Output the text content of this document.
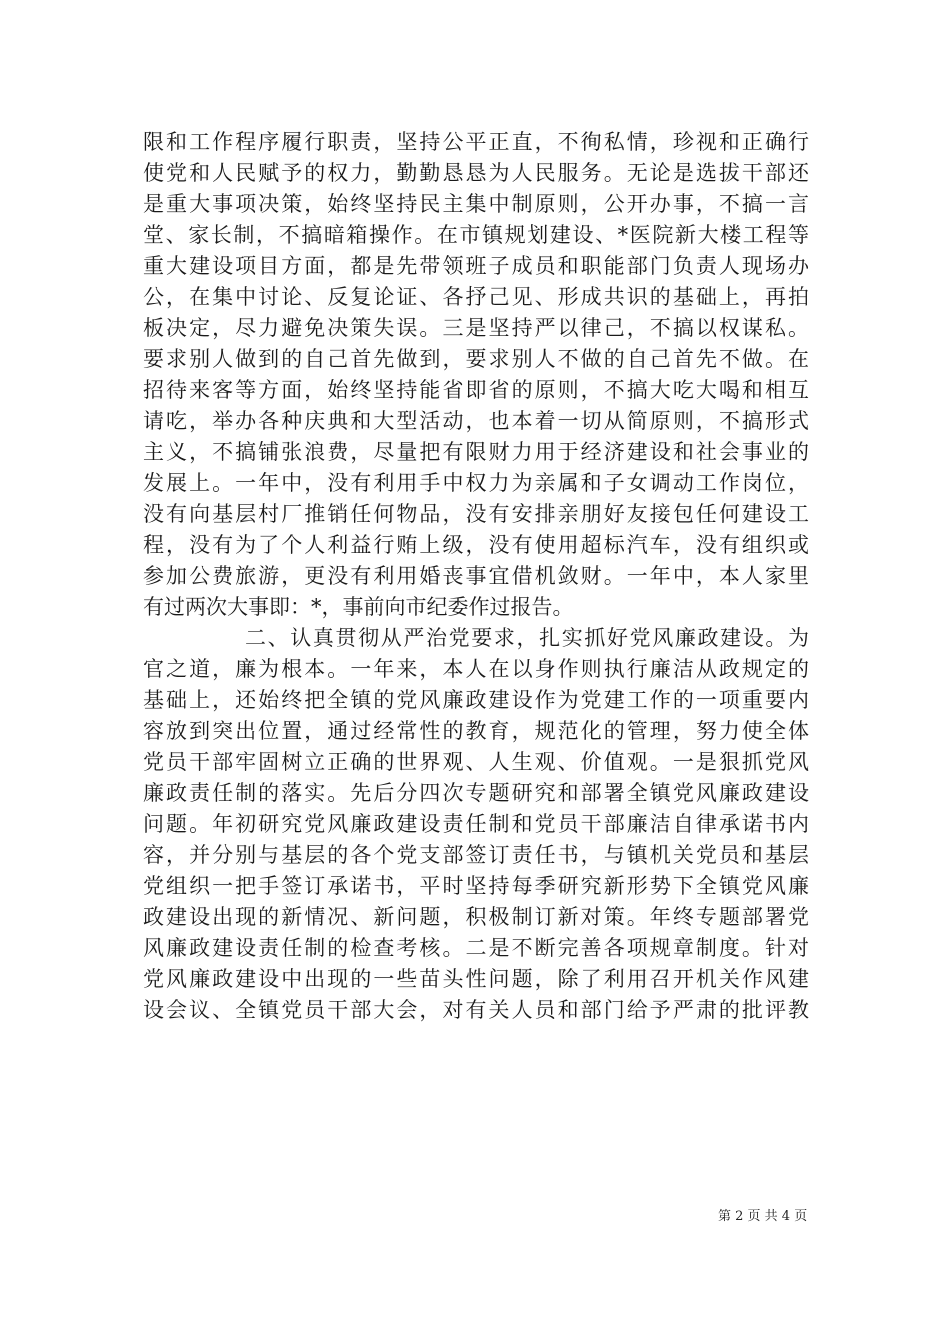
限和工作程序履行职责，坚持公平正直，不徇私情，珍视和正确行
使党和人民赋予的权力，勤勤恳恳为人民服务。无论是选拔干部还
是重大事项决策，始终坚持民主集中制原则，公开办事，不搞一言
堂、家长制，不搞暗箱操作。在市镇规划建设、*医院新大楼工程等
重大建设项目方面，都是先带领班子成员和职能部门负责人现场办
公，在集中讨论、反复论证、各抒己见、形成共识的基础上，再拍
板决定，尽力避免决策失误。三是坚持严以律己，不搞以权谋私。
要求别人做到的自己首先做到，要求别人不做的自己首先不做。在
招待来客等方面，始终坚持能省即省的原则，不搞大吃大喝和相互
请吃，举办各种庆典和大型活动，也本着一切从简原则，不搞形式
主义，不搞铺张浪费，尽量把有限财力用于经济建设和社会事业的
发展上。一年中，没有利用手中权力为亲属和子女调动工作岗位，
没有向基层村厂推销任何物品，没有安排亲朋好友接包任何建设工
程，没有为了个人利益行贿上级，没有使用超标汽车，没有组织或
参加公费旅游，更没有利用婚丧事宜借机敛财。一年中，本人家里
有过两次大事即：*，事前向市纪委作过报告。
二、认真贯彻从严治党要求，扎实抓好党风廉政建设。为
官之道，廉为根本。一年来，本人在以身作则执行廉洁从政规定的
基础上，还始终把全镇的党风廉政建设作为党建工作的一项重要内
容放到突出位置，通过经常性的教育，规范化的管理，努力使全体
党员干部牢固树立正确的世界观、人生观、价值观。一是狠抓党风
廉政责任制的落实。先后分四次专题研究和部署全镇党风廉政建设
问题。年初研究党风廉政建设责任制和党员干部廉洁自律承诺书内
容，并分别与基层的各个党支部签订责任书，与镇机关党员和基层
党组织一把手签订承诺书，平时坚持每季研究新形势下全镇党风廉
政建设出现的新情况、新问题，积极制订新对策。年终专题部署党
风廉政建设责任制的检查考核。二是不断完善各项规章制度。针对
党风廉政建设中出现的一些苗头性问题，除了利用召开机关作风建
设会议、全镇党员干部大会，对有关人员和部门给予严肃的批评教
第 2 页 共 4 页
